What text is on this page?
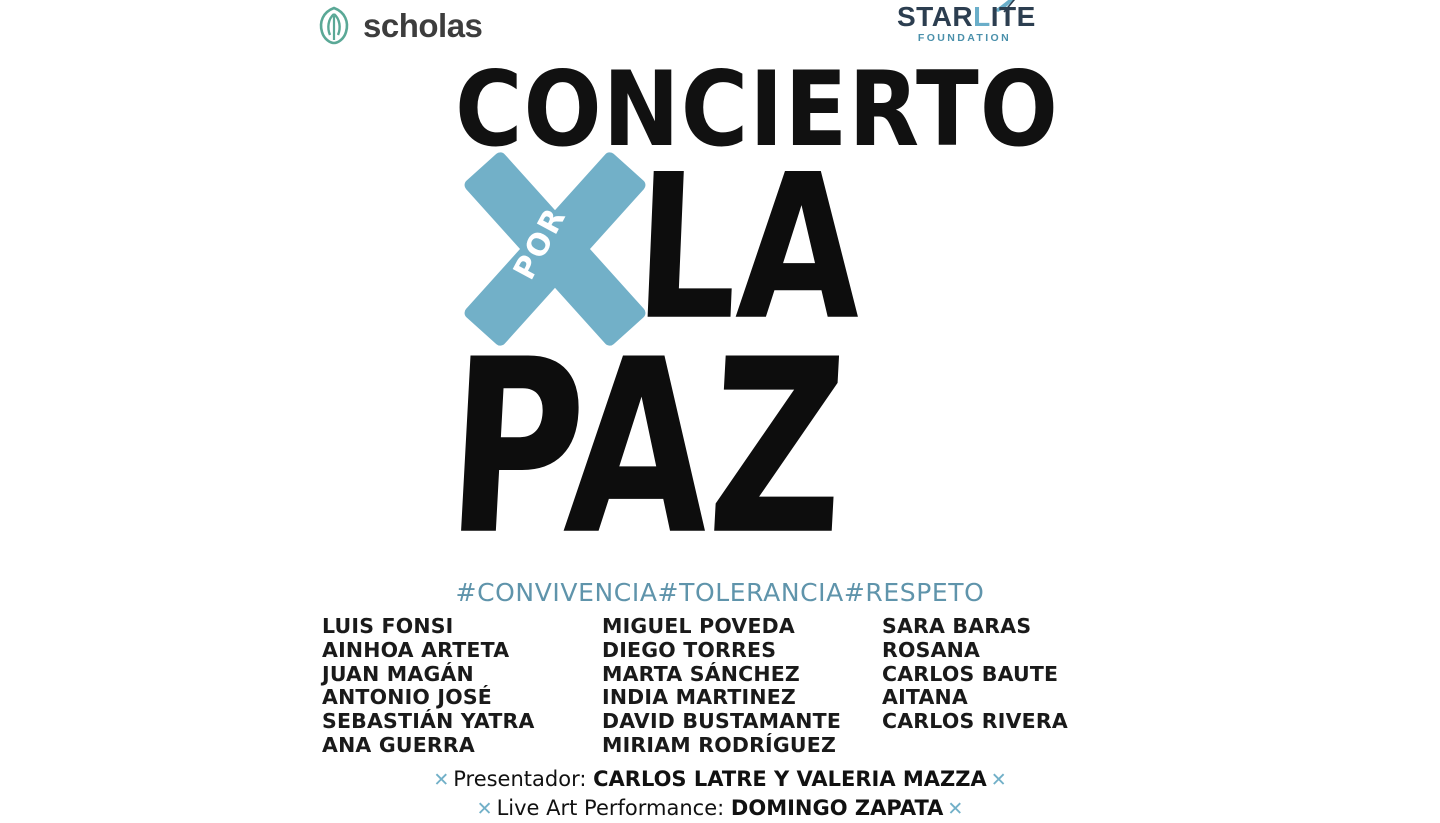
scholas	STARLITE
FOUNDATION
CONCIERTO
POR LA
PAZ
#CONVIVENCIA#TOLERANCIA#RESPETO
LUIS FONSI
AINHOA ARTETA
JUAN MAGÁN
ANTONIO JOSÉ
SEBASTIÁN YATRA
ANA GUERRA
MIGUEL POVEDA
DIEGO TORRES
MARTA SÁNCHEZ
INDIA MARTINEZ
DAVID BUSTAMANTE
MIRIAM RODRÍGUEZ
SARA BARAS
ROSANA
CARLOS BAUTE
AITANA
CARLOS RIVERA
✕ Presentador: CARLOS LATRE Y VALERIA MAZZA ✕
✕ Live Art Performance: DOMINGO ZAPATA ✕
